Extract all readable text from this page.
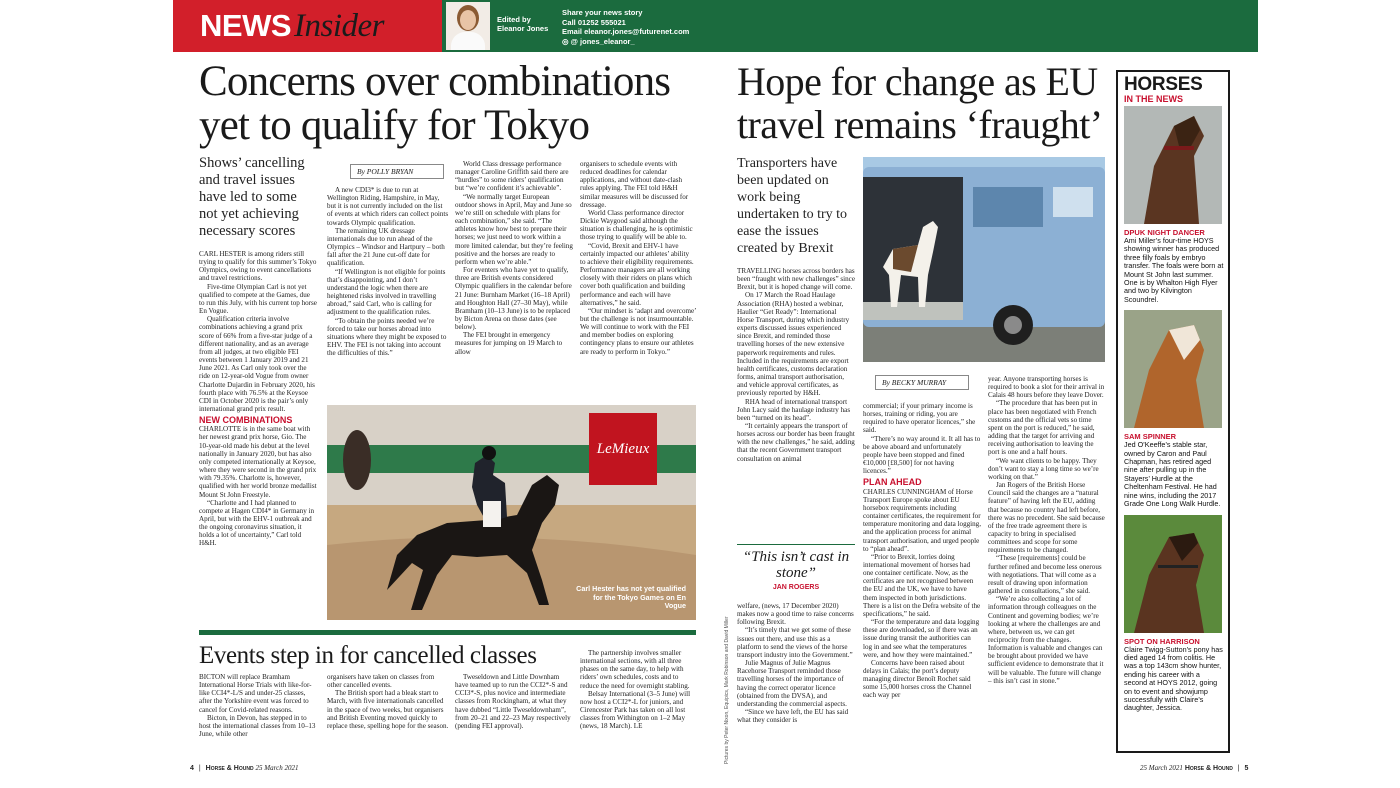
NEWS Insider	Edited by
Eleanor Jones
Share your news story
Call 01252 555021
Email eleanor.jones@futurenet.com
◎ @ jones_eleanor_
Concerns over combinations yet to qualify for Tokyo
Shows’ cancelling and travel issues have led to some not yet achieving necessary scores
By POLLY BRYAN

CARL HESTER is among riders still trying to qualify for this summer’s Tokyo Olympics, owing to event cancellations and travel restrictions.

Five-time Olympian Carl is not yet qualified to compete at the Games, due to run this July, with his current top horse En Vogue.

Qualification criteria involve combinations achieving a grand prix score of 66% from a five-star judge of a different nationality, and as an average from all judges, at two eligible FEI events between 1 January 2019 and 21 June 2021. As Carl only took over the ride on 12-year-old Vogue from owner Charlotte Dujardin in February 2020, his fourth place with 76.5% at the Keysoe CDI in October 2020 is the pair’s only international grand prix result.

NEW COMBINATIONS

CHARLOTTE is in the same boat with her newest grand prix horse, Gio. The 10-year-old made his debut at the level nationally in January 2020, but has also only competed internationally at Keysoe, where they were second in the grand prix with 79.35%. Charlotte is, however, qualified with her world bronze medallist Mount St John Freestyle.

“Charlotte and I had planned to compete at Hagen CDI4* in Germany in April, but with the EHV-1 outbreak and the ongoing coronavirus situation, it holds a lot of uncertainty,” Carl told H&H.

A new CDI3* is due to run at Wellington Riding, Hampshire, in May, but it is not currently included on the list of events at which riders can collect points towards Olympic qualification.

The remaining UK dressage internationals due to run ahead of the Olympics – Windsor and Hartpury – both fall after the 21 June cut-off date for qualification.

“If Wellington is not eligible for points that’s disappointing, and I don’t understand the logic when there are heightened risks involved in travelling abroad,” said Carl, who is calling for adjustment to the qualification rules.

“To obtain the points needed we’re forced to take our horses abroad into situations where they might be exposed to EHV. The FEI is not taking into account the difficulties of this.”

World Class dressage performance manager Caroline Griffith said there are “hurdles” to some riders’ qualification but “we’re confident it’s achievable”.

“We normally target European outdoor shows in April, May and June so we’re still on schedule with plans for each combination,” she said. “The athletes know how best to prepare their horses; we just need to work within a more limited calendar, but they’re feeling positive and the horses are ready to perform when we’re able.”

For eventers who have yet to qualify, three are British events considered Olympic qualifiers in the calendar before 21 June: Burnham Market (16–18 April) and Houghton Hall (27–30 May), while Bramham (10–13 June) is to be replaced by Bicton Arena on those dates (see below).

The FEI brought in emergency measures for jumping on 19 March to allow

organisers to schedule events with reduced deadlines for calendar applications, and without date-clash rules applying. The FEI told H&H similar measures will be discussed for dressage.

World Class performance director Dickie Waygood said although the situation is challenging, he is optimistic those trying to qualify will be able to.

“Covid, Brexit and EHV-1 have certainly impacted our athletes’ ability to achieve their eligibility requirements. Performance managers are all working closely with their riders on plans which cover both qualification and building performance and each will have alternatives,” he said.

“Our mindset is ‘adapt and overcome’ but the challenge is not insurmountable. We will continue to work with the FEI and member bodies on exploring contingency plans to ensure our athletes are ready to perform in Tokyo.”

LeMieux
Carl Hester has not yet qualified for the Tokyo Games on En Vogue
Events step in for cancelled classes

BICTON will replace Bramham International Horse Trials with like-for-like CCI4*-L/S and under-25 classes, after the Yorkshire event was forced to cancel for Covid-related reasons.

Bicton, in Devon, has stepped in to host the international classes from 10–13 June, while other

organisers have taken on classes from other cancelled events.

The British sport had a bleak start to March, with five internationals cancelled in the space of two weeks, but organisers and British Eventing moved quickly to replace these, spelling hope for the season.

Tweseldown and Little Downham have teamed up to run the CCI2*-S and CCI3*-S, plus novice and intermediate classes from Rockingham, at what they have dubbed “Little Tweseldownham”, from 20–21 and 22–23 May respectively (pending FEI approval).

The partnership involves smaller international sections, with all three phases on the same day, to help with riders’ own schedules, costs and to reduce the need for overnight stabling.

Belsay International (3–5 June) will now host a CCI2*-L for juniors, and Cirencester Park has taken on all lost classes from Withington on 1–2 May (news, 18 March). LE

4 | Horse & Hound 25 March 2021
Hope for change as EU travel remains ‘fraught’
Transporters have been updated on work being undertaken to try to ease the issues created by Brexit
By BECKY MURRAY

TRAVELLING horses across borders has been “fraught with new challenges” since Brexit, but it is hoped change will come.

On 17 March the Road Haulage Association (RHA) hosted a webinar, Haulier “Get Ready”: International Horse Transport, during which industry experts discussed issues experienced since Brexit, and reminded those travelling horses of the new extensive paperwork requirements and rules. Included in the requirements are export health certificates, customs declaration forms, animal transport authorisation, and vehicle approval certificates, as previously reported by H&H.

RHA head of international transport John Lacy said the haulage industry has been “turned on its head”.

“It certainly appears the transport of horses across our border has been fraught with the new challenges,” he said, adding that the recent Government transport consultation on animal

“This isn’t cast in stone”
JAN ROGERS

welfare, (news, 17 December 2020) makes now a good time to raise concerns following Brexit.

“It’s timely that we get some of these issues out there, and use this as a platform to send the views of the horse transport industry into the Government.”

Julie Magnus of Julie Magnus Racehorse Transport reminded those travelling horses of the importance of having the correct operator licence (obtained from the DVSA), and understanding the commercial aspects.

“Since we have left, the EU has said what they consider is

Pictures by Peter Nixon, Equipics, Mark Robinson and David Miller

commercial; if your primary income is horses, training or riding, you are required to have operator licences,” she said.

“There’s no way around it. It all has to be above aboard and unfortunately people have been stopped and fined €10,000 [£8,500] for not having licences.”

PLAN AHEAD

CHARLES CUNNINGHAM of Horse Transport Europe spoke about EU horsebox requirements including container certificates, the requirement for temperature monitoring and data logging, and the application process for animal transport authorisation, and urged people to “plan ahead”.

“Prior to Brexit, lorries doing international movement of horses had one container certificate. Now, as the certificates are not recognised between the EU and the UK, we have to have them inspected in both jurisdictions. There is a list on the Defra website of the specifications,” he said.

“For the temperature and data logging these are downloaded, so if there was an issue during transit the authorities can log in and see what the temperatures were, and how they were maintained.”

Concerns have been raised about delays in Calais; the port’s deputy managing director Benoît Rochet said some 15,000 horses cross the Channel each way per

year. Anyone transporting horses is required to book a slot for their arrival in Calais 48 hours before they leave Dover.

“The procedure that has been put in place has been negotiated with French customs and the official vets so time spent on the port is reduced,” he said, adding that the target for arriving and receiving authorisation to leaving the port is one and a half hours.

“We want clients to be happy. They don’t want to stay a long time so we’re working on that.”

Jan Rogers of the British Horse Council said the changes are a “natural feature” of having left the EU, adding that because no country had left before, there was no precedent. She said because of the free trade agreement there is capacity to bring in specialised committees and scope for some requirements to be changed.

“These [requirements] could be further refined and become less onerous with negotiations. That will come as a result of drawing upon information gathered in consultations,” she said.

“We’re also collecting a lot of information through colleagues on the Continent and governing bodies; we’re looking at where the challenges are and where, between us, we can get reciprocity from the changes. Information is valuable and changes can be brought about provided we have sufficient evidence to demonstrate that it will be valuable. The future will change – this isn’t cast in stone.”

25 March 2021 Horse & Hound | 5
HORSES
IN THE NEWS
DPUK NIGHT DANCER
Ami Miller’s four-time HOYS showing winner has produced three filly foals by embryo transfer. The foals were born at Mount St John last summer. One is by Whalton High Flyer and two by Kilvington Scoundrel.
SAM SPINNER
Jed O’Keeffe’s stable star, owned by Caron and Paul Chapman, has retired aged nine after pulling up in the Stayers’ Hurdle at the Cheltenham Festival. He had nine wins, including the 2017 Grade One Long Walk Hurdle.
SPOT ON HARRISON
Claire Twigg-Sutton’s pony has died aged 14 from colitis. He was a top 143cm show hunter, ending his career with a second at HOYS 2012, going on to event and showjump successfully with Claire’s daughter, Jessica.
